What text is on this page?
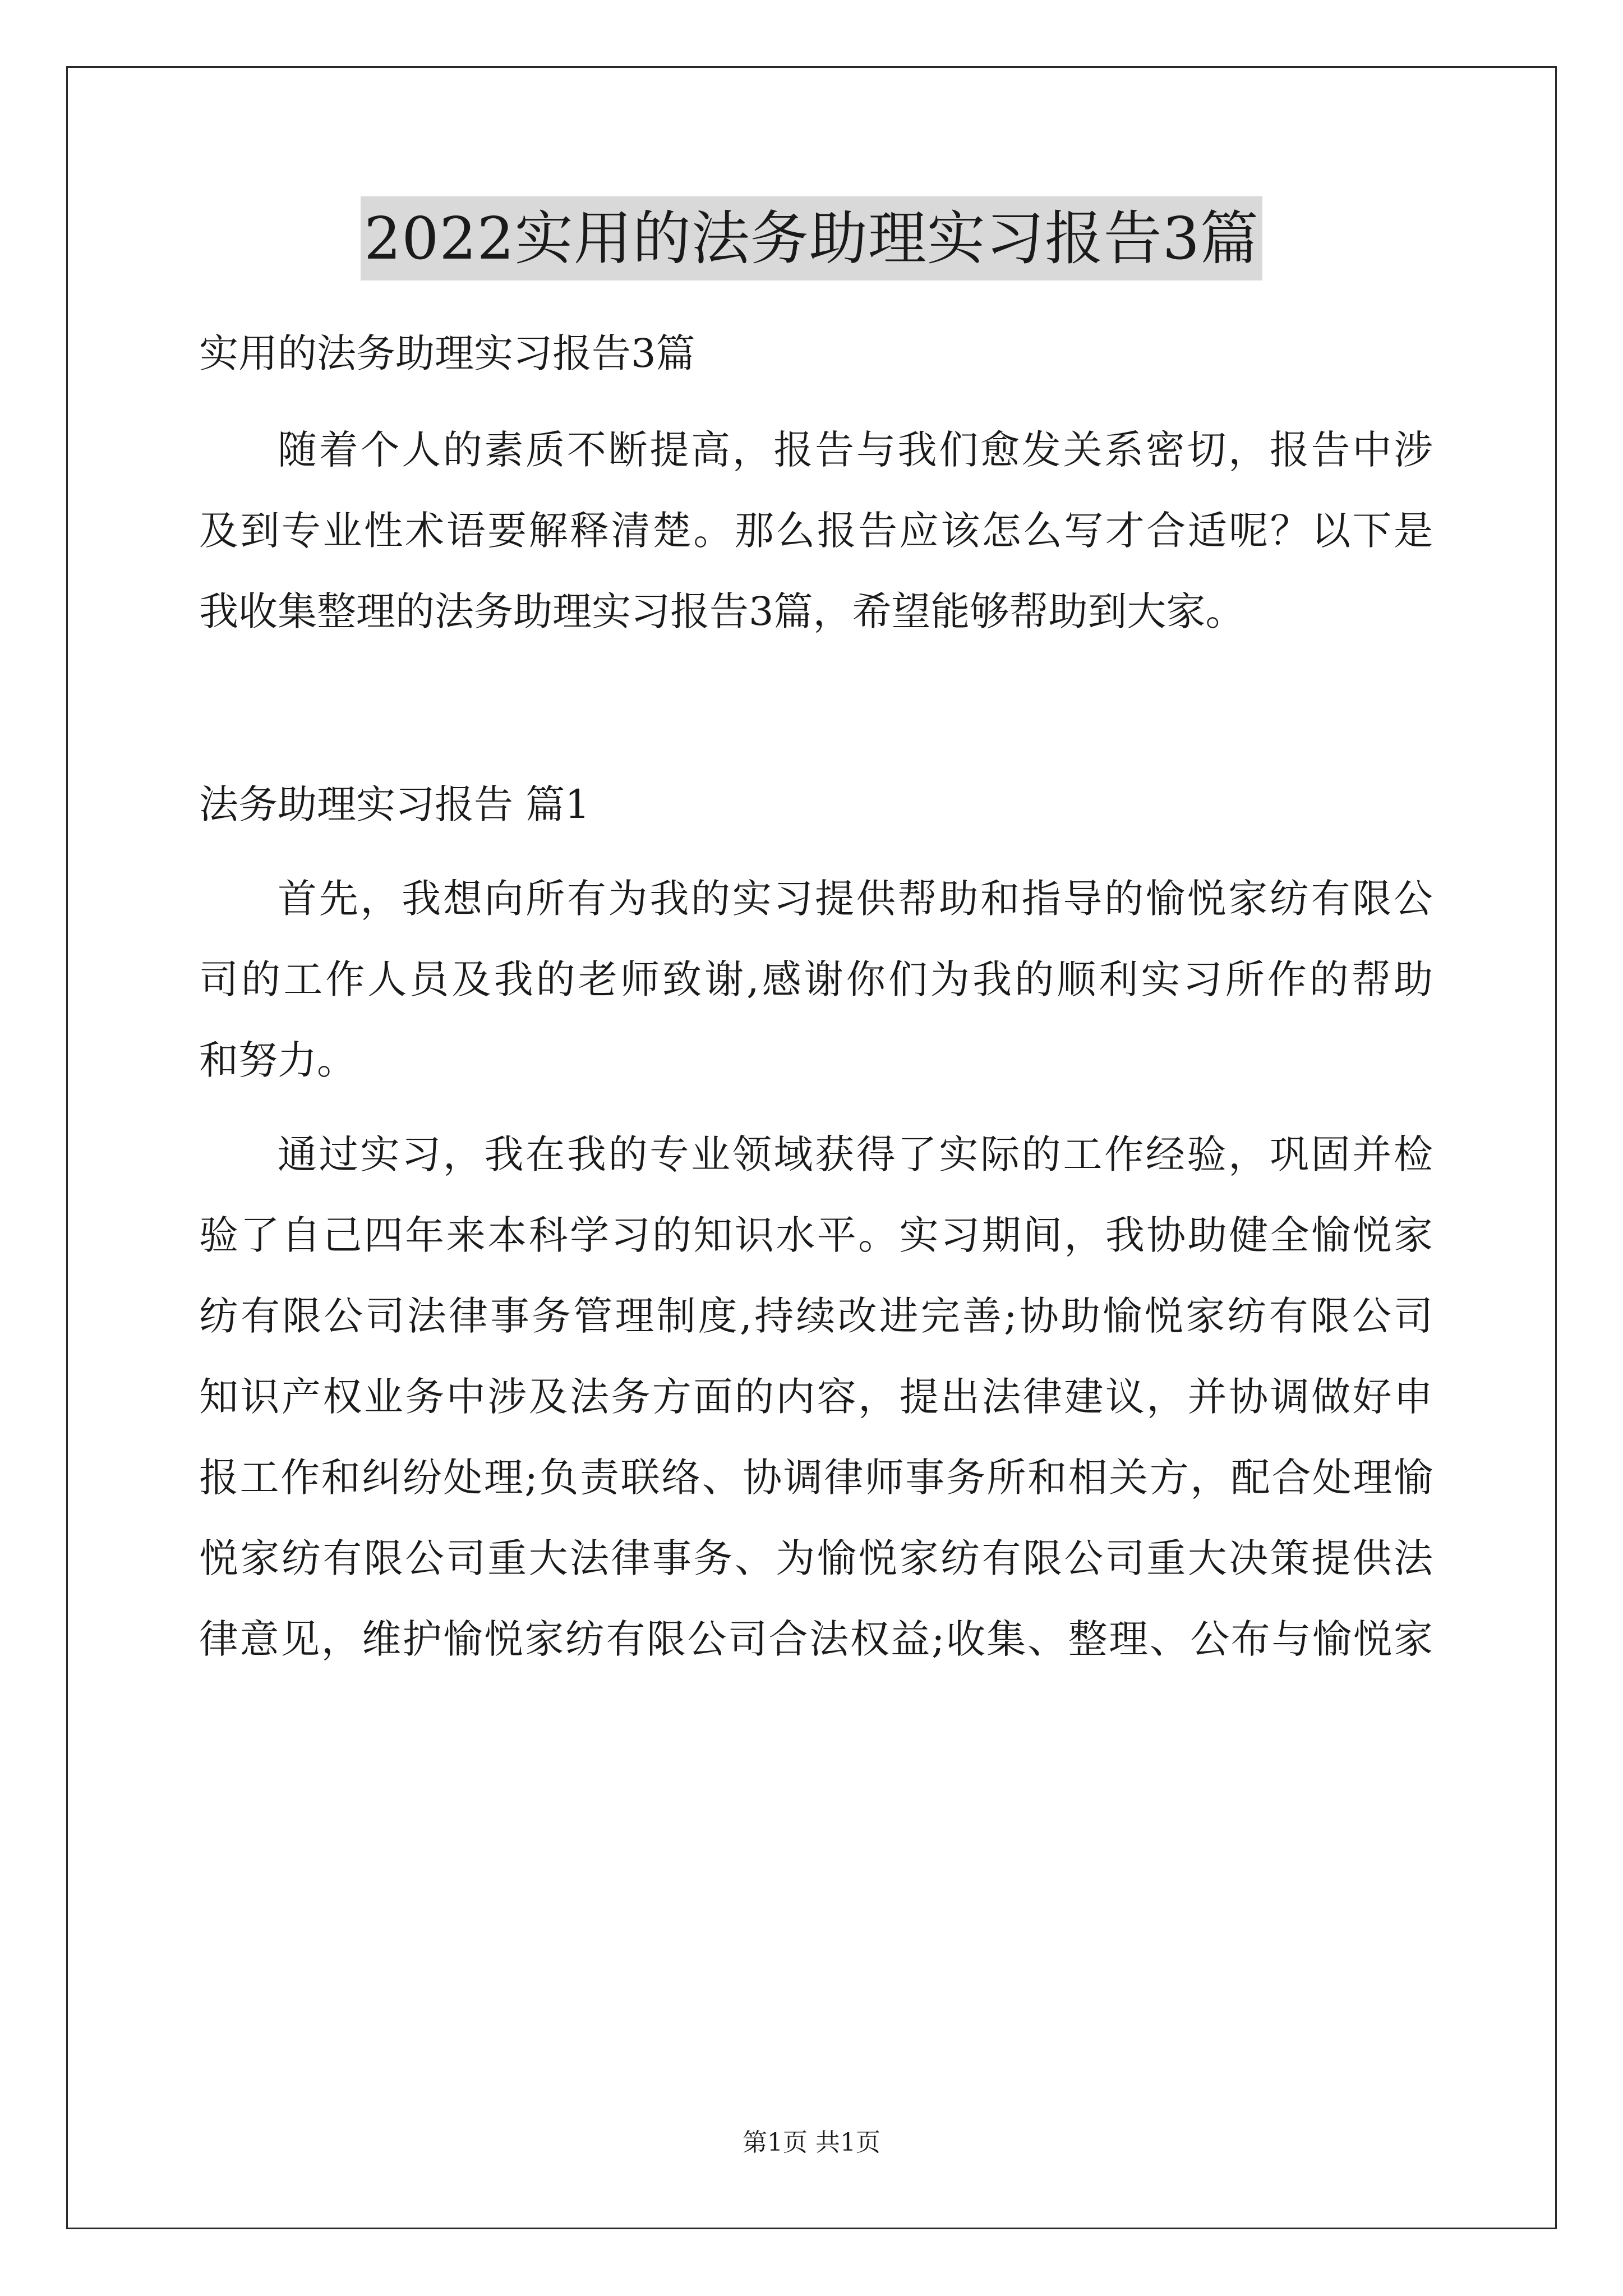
2022实用的法务助理实习报告3篇
实用的法务助理实习报告3篇
随着个人的素质不断提高，报告与我们愈发关系密切，报告中涉
及到专业性术语要解释清楚。那么报告应该怎么写才合适呢？以下是
我收集整理的法务助理实习报告3篇，希望能够帮助到大家。
法务助理实习报告 篇1
首先，我想向所有为我的实习提供帮助和指导的愉悦家纺有限公
司的工作人员及我的老师致谢,感谢你们为我的顺利实习所作的帮助
和努力。
通过实习，我在我的专业领域获得了实际的工作经验，巩固并检
验了自己四年来本科学习的知识水平。实习期间，我协助健全愉悦家
纺有限公司法律事务管理制度,持续改进完善;协助愉悦家纺有限公司
知识产权业务中涉及法务方面的内容，提出法律建议，并协调做好申
报工作和纠纷处理;负责联络、协调律师事务所和相关方，配合处理愉
悦家纺有限公司重大法律事务、为愉悦家纺有限公司重大决策提供法
律意见，维护愉悦家纺有限公司合法权益;收集、整理、公布与愉悦家
第1页 共1页
